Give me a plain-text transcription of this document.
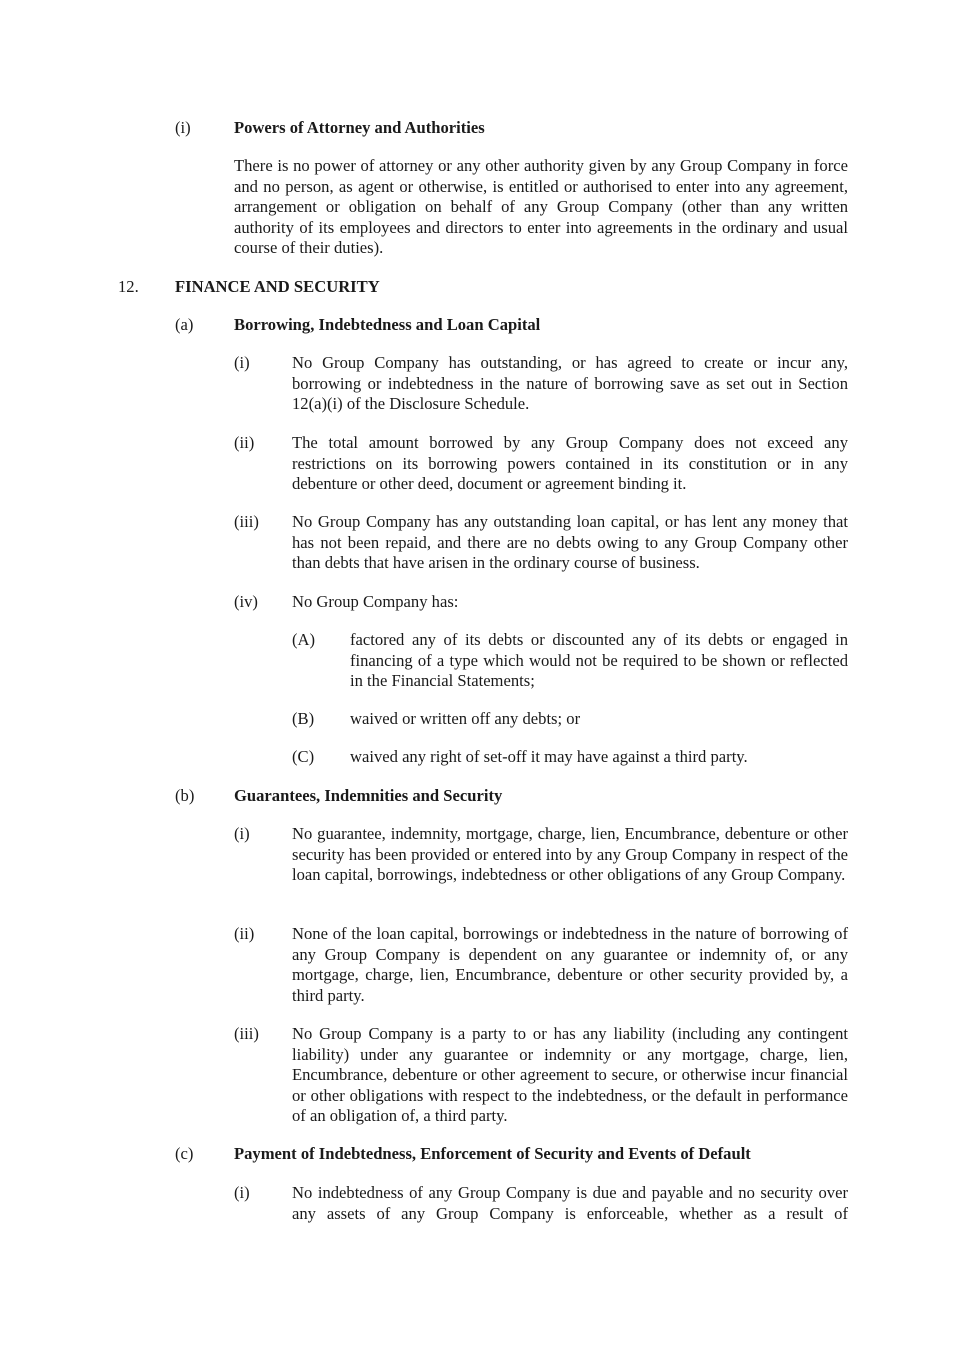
(i)	Powers of Attorney and Authorities
There is no power of attorney or any other authority given by any Group Company in force and no person, as agent or otherwise, is entitled or authorised to enter into any agreement, arrangement or obligation on behalf of any Group Company (other than any written authority of its employees and directors to enter into agreements in the ordinary and usual course of their duties).
12. FINANCE AND SECURITY
(a) Borrowing, Indebtedness and Loan Capital
(i)	No Group Company has outstanding, or has agreed to create or incur any, borrowing or indebtedness in the nature of borrowing save as set out in Section 12(a)(i) of the Disclosure Schedule.
(ii) The total amount borrowed by any Group Company does not exceed any restrictions on its borrowing powers contained in its constitution or in any debenture or other deed, document or agreement binding it.
(iii) No Group Company has any outstanding loan capital, or has lent any money that has not been repaid, and there are no debts owing to any Group Company other than debts that have arisen in the ordinary course of business.
(iv) No Group Company has:
(A) factored any of its debts or discounted any of its debts or engaged in financing of a type which would not be required to be shown or reflected in the Financial Statements;
(B) waived or written off any debts; or
(C) waived any right of set-off it may have against a third party.
(b) Guarantees, Indemnities and Security
(i)	No guarantee, indemnity, mortgage, charge, lien, Encumbrance, debenture or other security has been provided or entered into by any Group Company in respect of the loan capital, borrowings, indebtedness or other obligations of any Group Company.
(ii) None of the loan capital, borrowings or indebtedness in the nature of borrowing of any Group Company is dependent on any guarantee or indemnity of, or any mortgage, charge, lien, Encumbrance, debenture or other security provided by, a third party.
(iii) No Group Company is a party to or has any liability (including any contingent liability) under any guarantee or indemnity or any mortgage, charge, lien, Encumbrance, debenture or other agreement to secure, or otherwise incur financial or other obligations with respect to the indebtedness, or the default in performance of an obligation of, a third party.
(c) Payment of Indebtedness, Enforcement of Security and Events of Default
(i)	No indebtedness of any Group Company is due and payable and no security over any assets of any Group Company is enforceable, whether as a result of
